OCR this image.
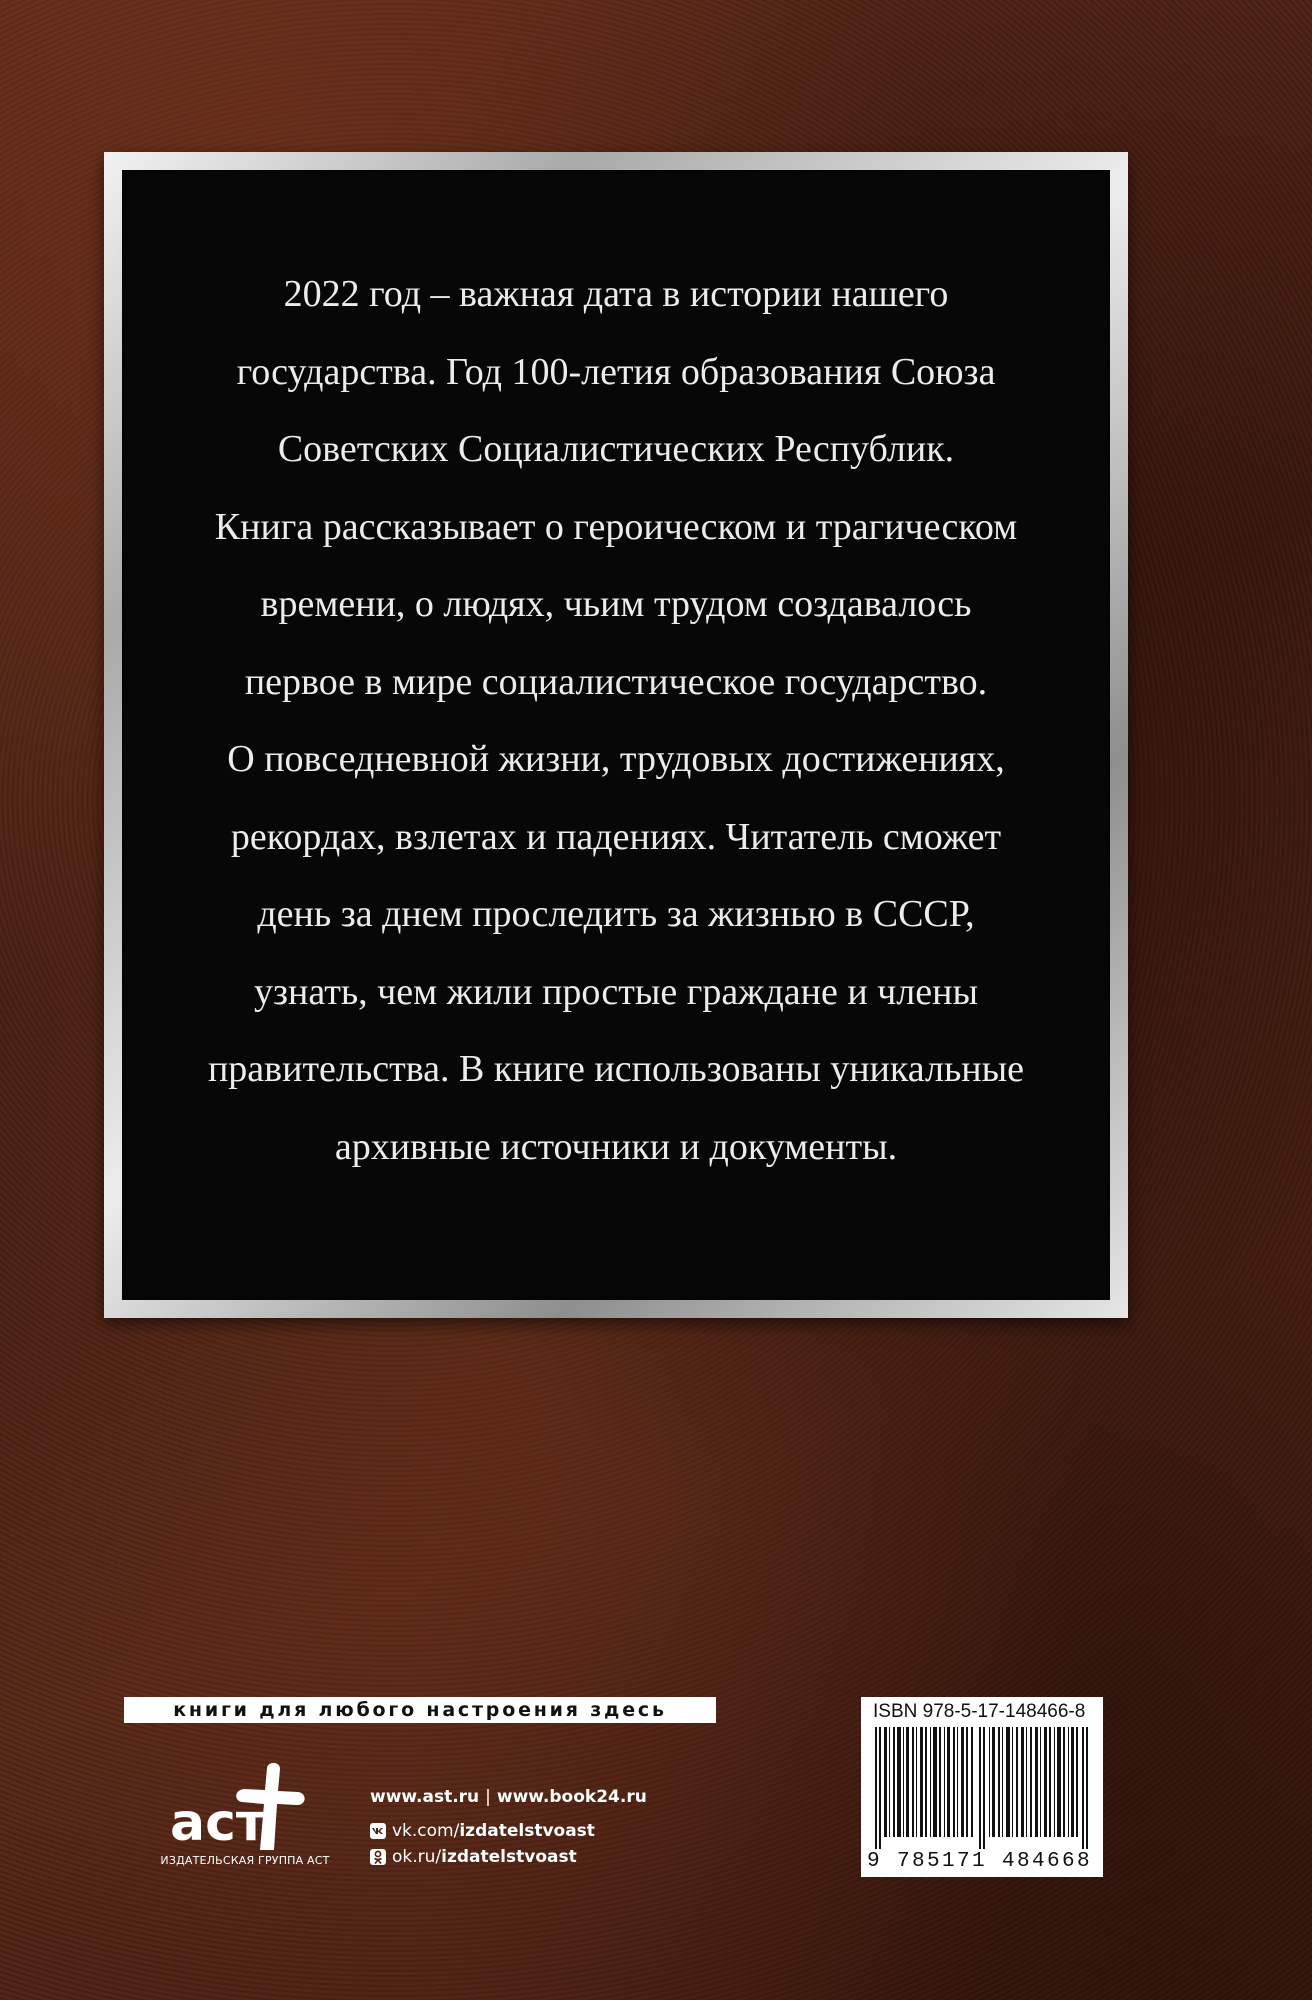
2022 год – важная дата в истории нашего
государства. Год 100-летия образования Союза
Советских Социалистических Республик.
Книга рассказывает о героическом и трагическом
времени, о людях, чьим трудом создавалось
первое в мире социалистическое государство.
О повседневной жизни, трудовых достижениях,
рекордах, взлетах и падениях. Читатель сможет
день за днем проследить за жизнью в СССР,
узнать, чем жили простые граждане и члены
правительства. В книге использованы уникальные
архивные источники и документы.

книги для любого настроения здесь
аст
ИЗДАТЕЛЬСКАЯ ГРУППА АСТ
www.ast.ru | www.book24.ru
vk.com/ izdatelstvoast
ok.ru/ izdatelstvoast
ISBN 978-5-17-148466-8
9 785171 484668
